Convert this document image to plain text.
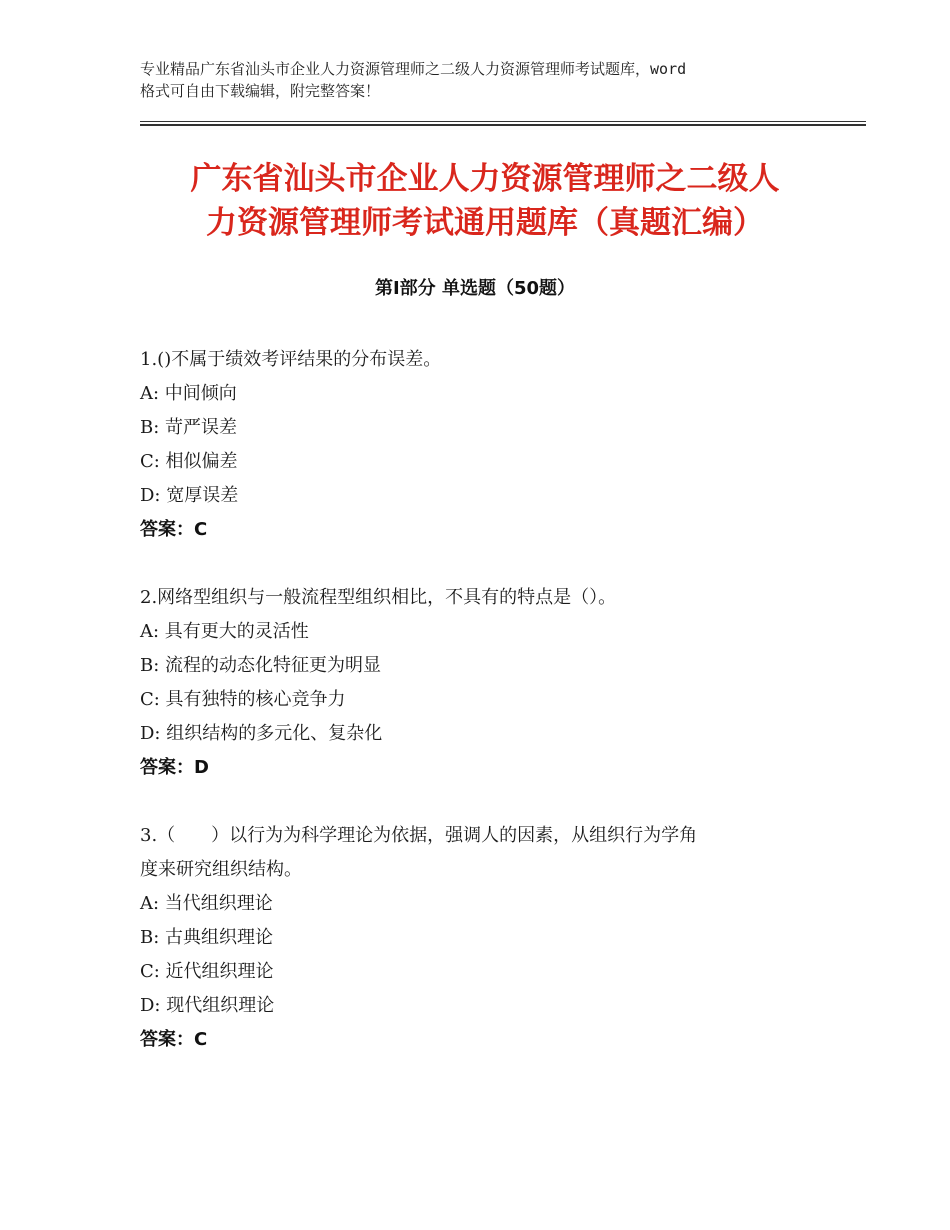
专业精品广东省汕头市企业人力资源管理师之二级人力资源管理师考试题库，word
格式可自由下载编辑，附完整答案！
广东省汕头市企业人力资源管理师之二级人
力资源管理师考试通用题库（真题汇编）
第Ⅰ部分 单选题（50题）
1.()不属于绩效考评结果的分布误差。
A: 中间倾向
B: 苛严误差
C: 相似偏差
D: 宽厚误差
答案：C
2.网络型组织与一般流程型组织相比，不具有的特点是（）。
A: 具有更大的灵活性
B: 流程的动态化特征更为明显
C: 具有独特的核心竞争力
D: 组织结构的多元化、复杂化
答案：D
3.（　　）以行为为科学理论为依据，强调人的因素，从组织行为学角
度来研究组织结构。
A: 当代组织理论
B: 古典组织理论
C: 近代组织理论
D: 现代组织理论
答案：C
